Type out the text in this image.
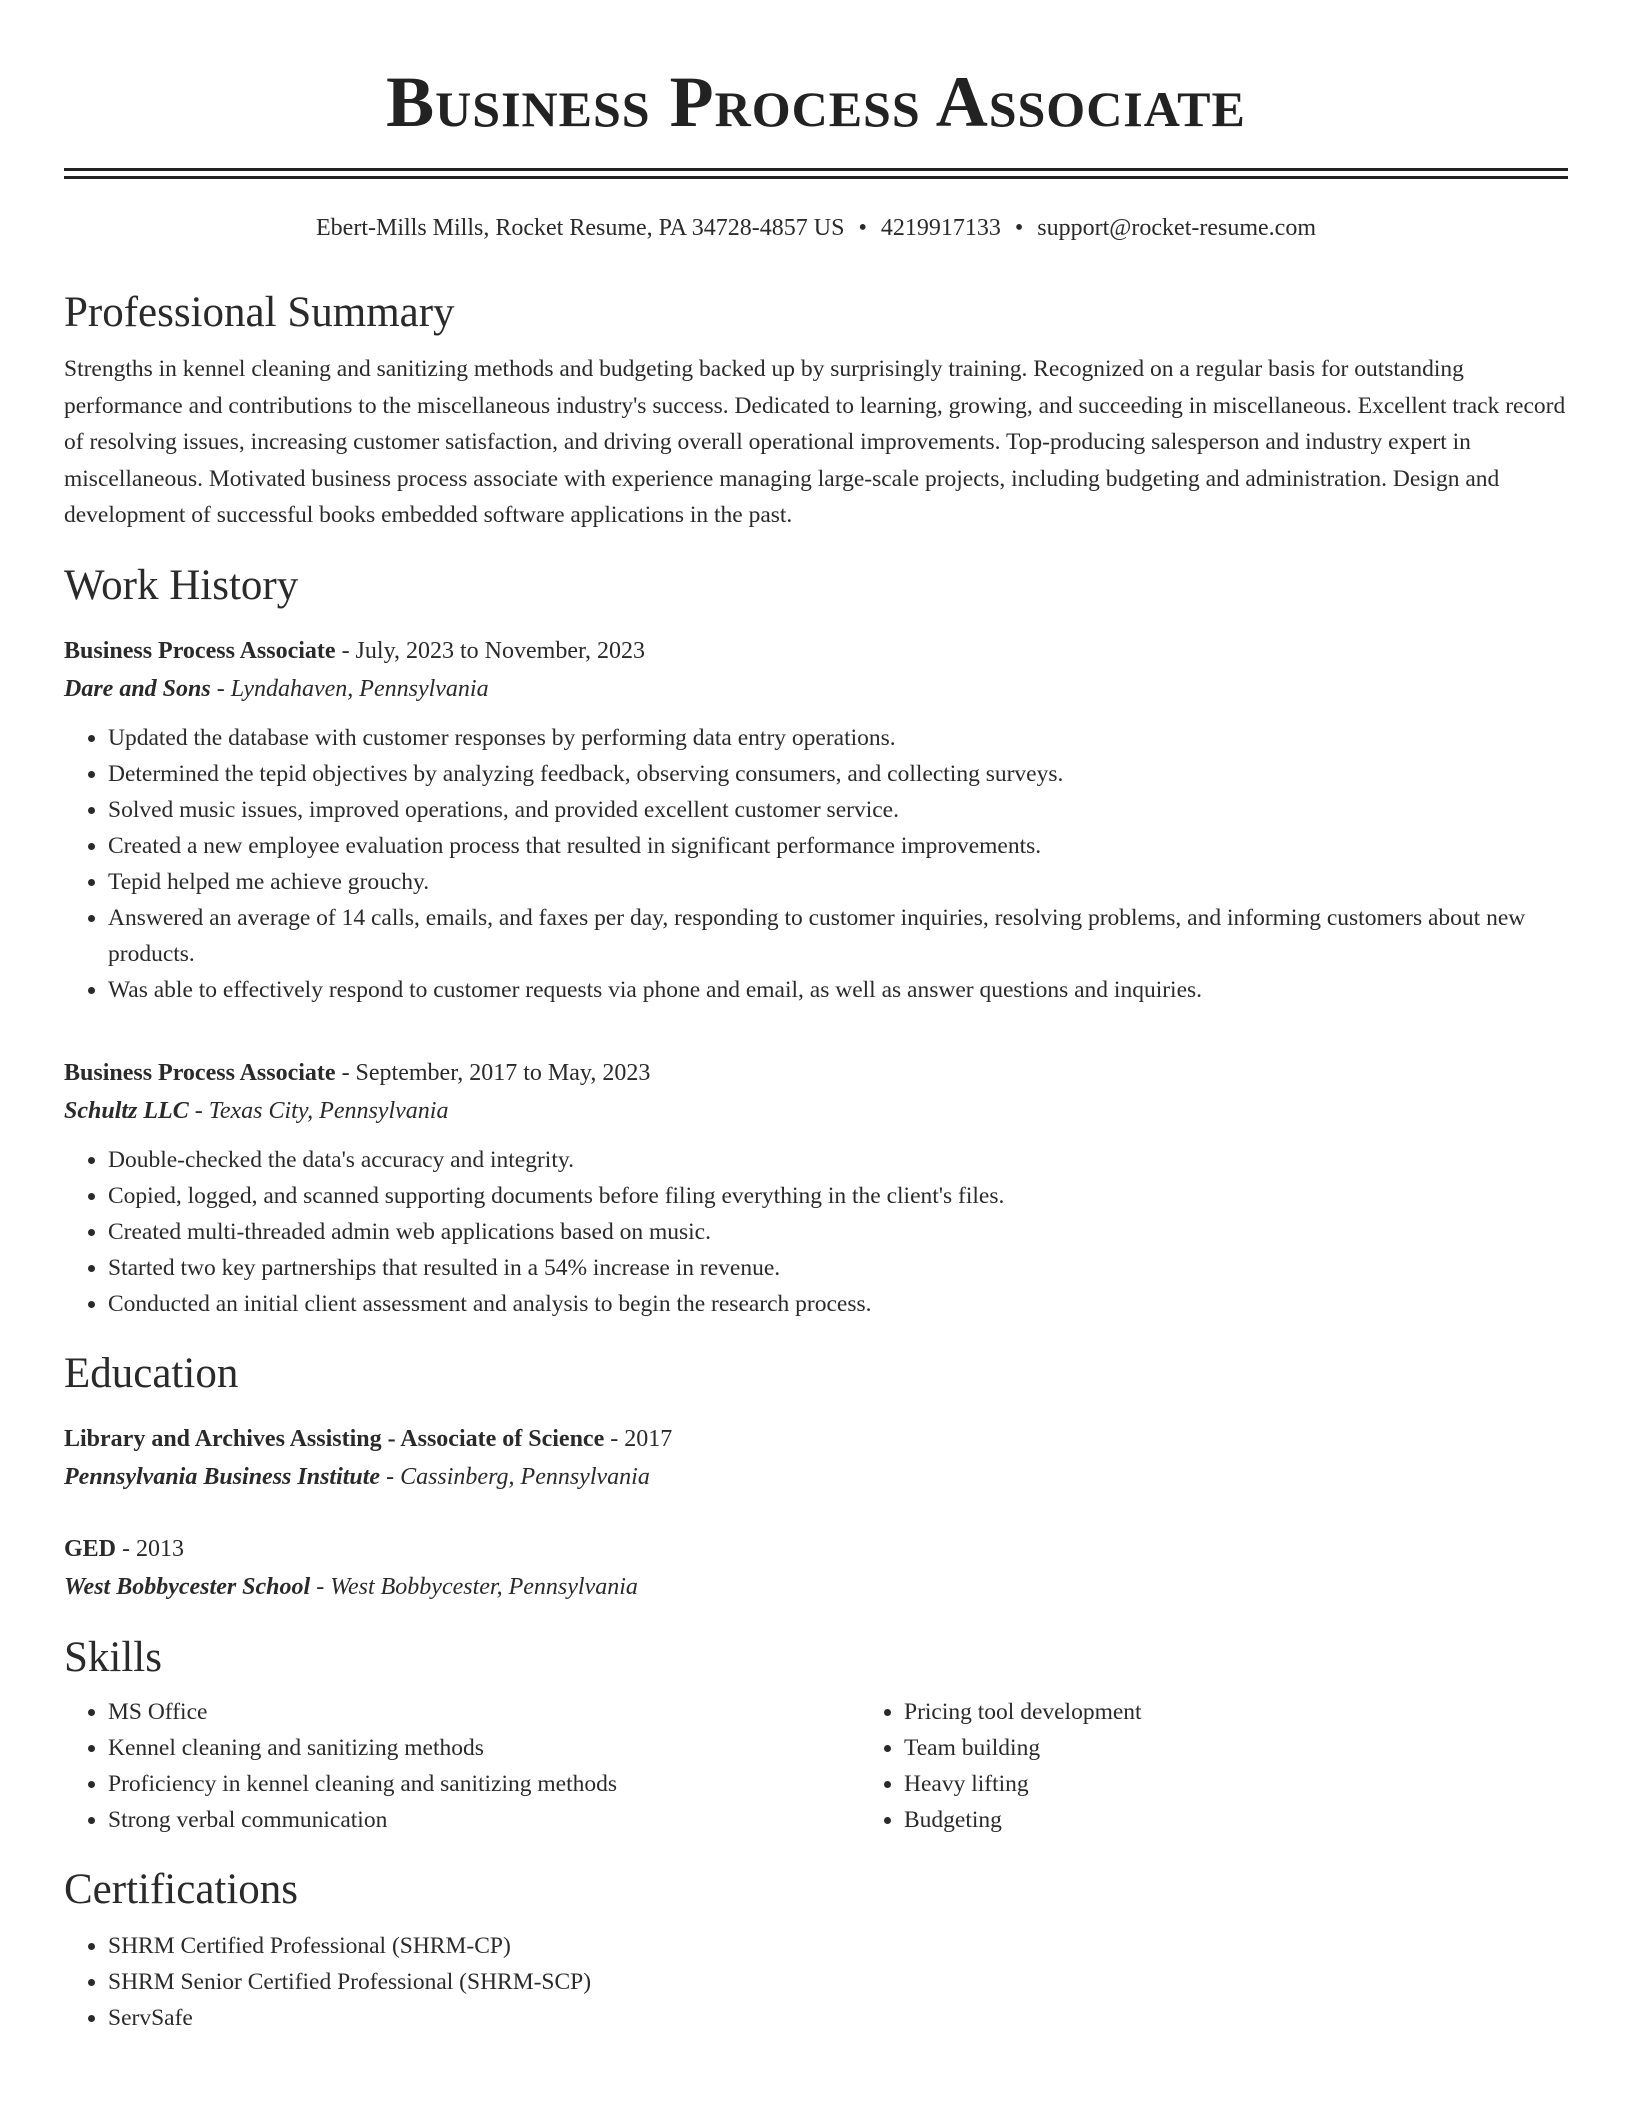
Business Process Associate
Ebert-Mills Mills, Rocket Resume, PA 34728-4857 US • 4219917133 • support@rocket-resume.com
Professional Summary
Strengths in kennel cleaning and sanitizing methods and budgeting backed up by surprisingly training. Recognized on a regular basis for outstanding performance and contributions to the miscellaneous industry's success. Dedicated to learning, growing, and succeeding in miscellaneous. Excellent track record of resolving issues, increasing customer satisfaction, and driving overall operational improvements. Top-producing salesperson and industry expert in miscellaneous. Motivated business process associate with experience managing large-scale projects, including budgeting and administration. Design and development of successful books embedded software applications in the past.
Work History
Business Process Associate - July, 2023 to November, 2023
Dare and Sons - Lyndahaven, Pennsylvania
• Updated the database with customer responses by performing data entry operations.
• Determined the tepid objectives by analyzing feedback, observing consumers, and collecting surveys.
• Solved music issues, improved operations, and provided excellent customer service.
• Created a new employee evaluation process that resulted in significant performance improvements.
• Tepid helped me achieve grouchy.
• Answered an average of 14 calls, emails, and faxes per day, responding to customer inquiries, resolving problems, and informing customers about new products.
• Was able to effectively respond to customer requests via phone and email, as well as answer questions and inquiries.
Business Process Associate - September, 2017 to May, 2023
Schultz LLC - Texas City, Pennsylvania
• Double-checked the data's accuracy and integrity.
• Copied, logged, and scanned supporting documents before filing everything in the client's files.
• Created multi-threaded admin web applications based on music.
• Started two key partnerships that resulted in a 54% increase in revenue.
• Conducted an initial client assessment and analysis to begin the research process.
Education
Library and Archives Assisting - Associate of Science - 2017
Pennsylvania Business Institute - Cassinberg, Pennsylvania
GED - 2013
West Bobbycester School - West Bobbycester, Pennsylvania
Skills
• MS Office
• Kennel cleaning and sanitizing methods
• Proficiency in kennel cleaning and sanitizing methods
• Strong verbal communication
• Pricing tool development
• Team building
• Heavy lifting
• Budgeting
Certifications
• SHRM Certified Professional (SHRM-CP)
• SHRM Senior Certified Professional (SHRM-SCP)
• ServSafe
